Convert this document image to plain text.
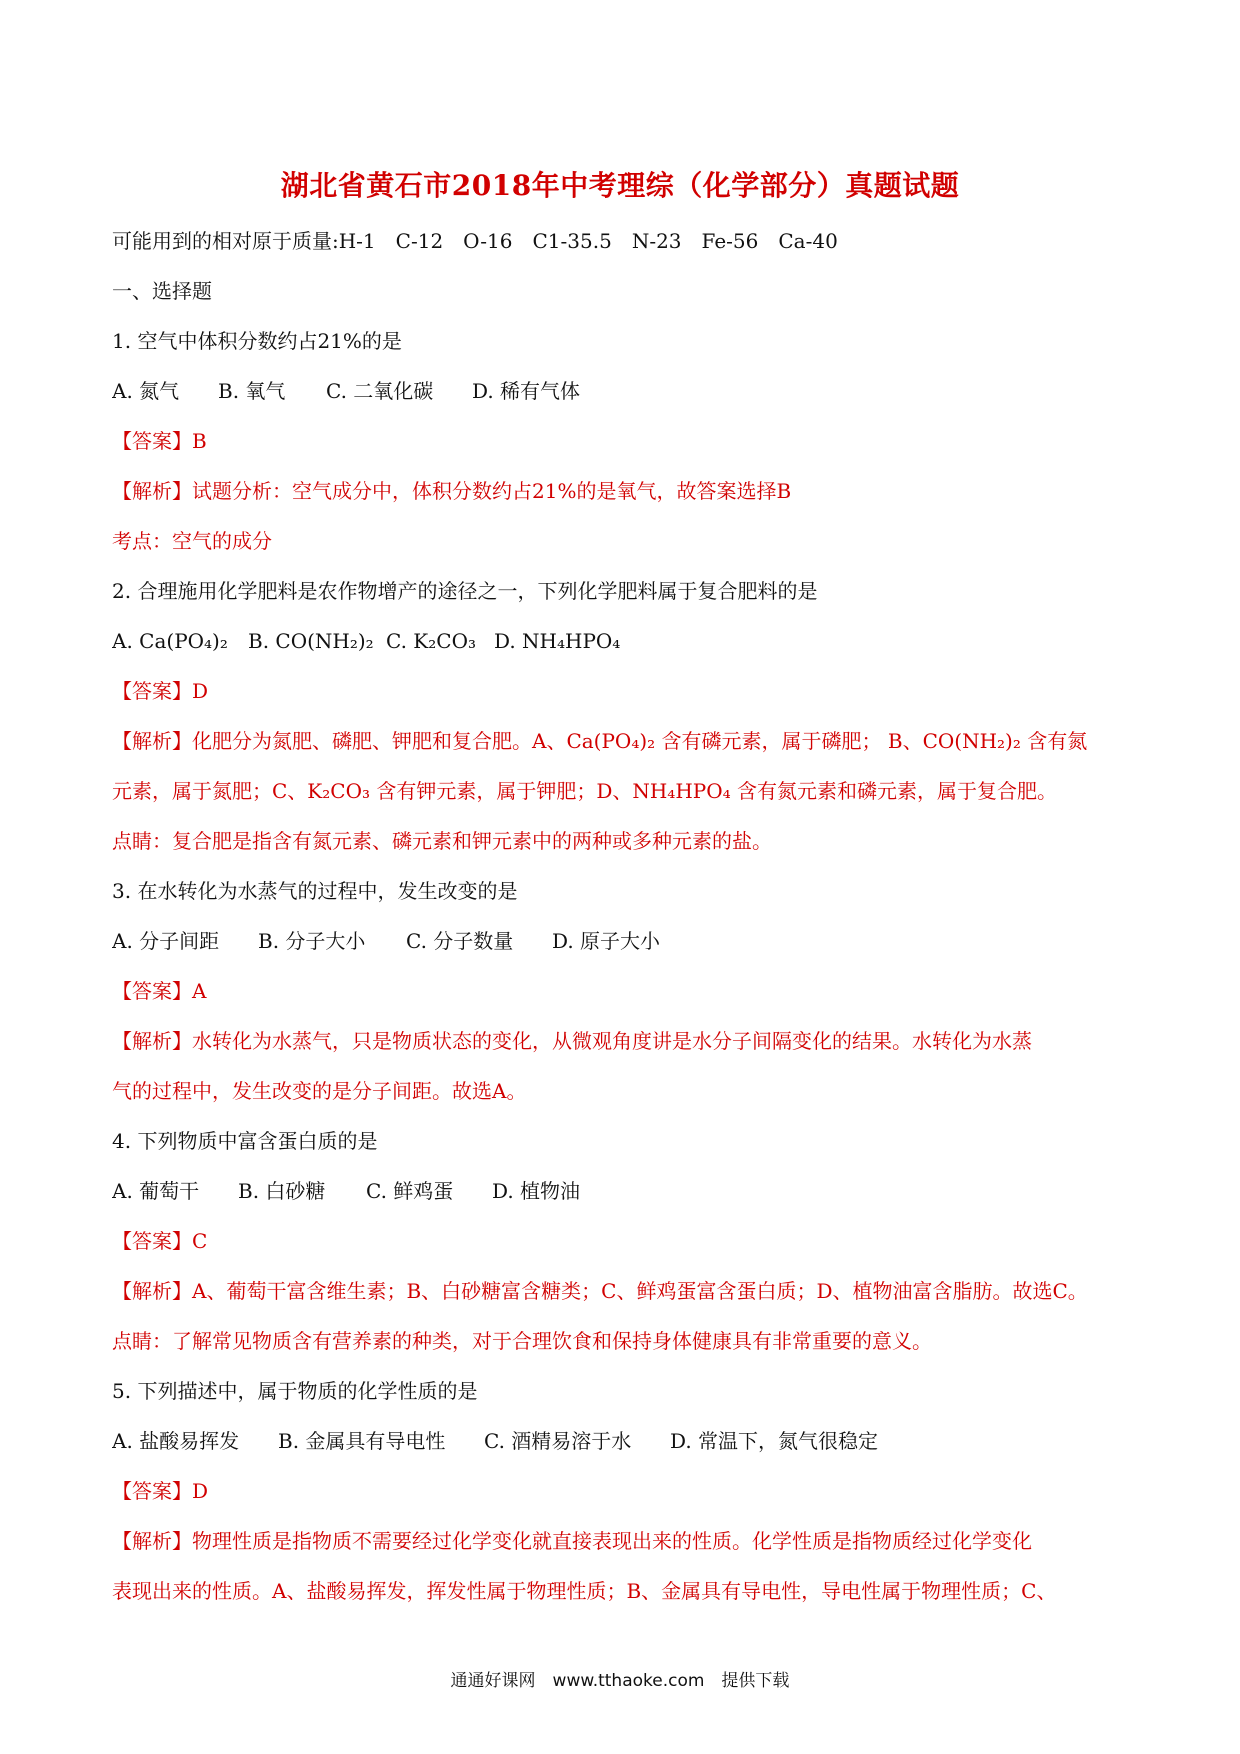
湖北省黄石市2018年中考理综（化学部分）真题试题
可能用到的相对原于质量:H-1　C-12　O-16　C1-35.5　N-23　Fe-56　Ca-40
一、选择题
1. 空气中体积分数约占21%的是
A. 氮气 B. 氧气 C. 二氧化碳 D. 稀有气体
【答案】B
【解析】试题分析：空气成分中，体积分数约占21%的是氧气，故答案选择B
考点：空气的成分
2. 合理施用化学肥料是农作物增产的途径之一，下列化学肥料属于复合肥料的是
A. Ca(PO₄)₂ B. CO(NH₂)₂ C. K₂CO₃ D. NH₄HPO₄
【答案】D
【解析】化肥分为氮肥、磷肥、钾肥和复合肥。A、Ca(PO₄)₂ 含有磷元素，属于磷肥； B、CO(NH₂)₂ 含有氮
元素，属于氮肥；C、K₂CO₃ 含有钾元素，属于钾肥；D、NH₄HPO₄ 含有氮元素和磷元素，属于复合肥。
点睛：复合肥是指含有氮元素、磷元素和钾元素中的两种或多种元素的盐。
3. 在水转化为水蒸气的过程中，发生改变的是
A. 分子间距 B. 分子大小 C. 分子数量 D. 原子大小
【答案】A
【解析】水转化为水蒸气，只是物质状态的变化，从微观角度讲是水分子间隔变化的结果。水转化为水蒸
气的过程中，发生改变的是分子间距。故选A。
4. 下列物质中富含蛋白质的是
A. 葡萄干 B. 白砂糖 C. 鲜鸡蛋 D. 植物油
【答案】C
【解析】A、葡萄干富含维生素；B、白砂糖富含糖类；C、鲜鸡蛋富含蛋白质；D、植物油富含脂肪。故选C。
点睛：了解常见物质含有营养素的种类，对于合理饮食和保持身体健康具有非常重要的意义。
5. 下列描述中，属于物质的化学性质的是
A. 盐酸易挥发 B. 金属具有导电性 C. 酒精易溶于水 D. 常温下，氮气很稳定
【答案】D
【解析】物理性质是指物质不需要经过化学变化就直接表现出来的性质。化学性质是指物质经过化学变化
表现出来的性质。A、盐酸易挥发，挥发性属于物理性质；B、金属具有导电性，导电性属于物理性质；C、
通通好课网　www.tthaoke.com　提供下载
